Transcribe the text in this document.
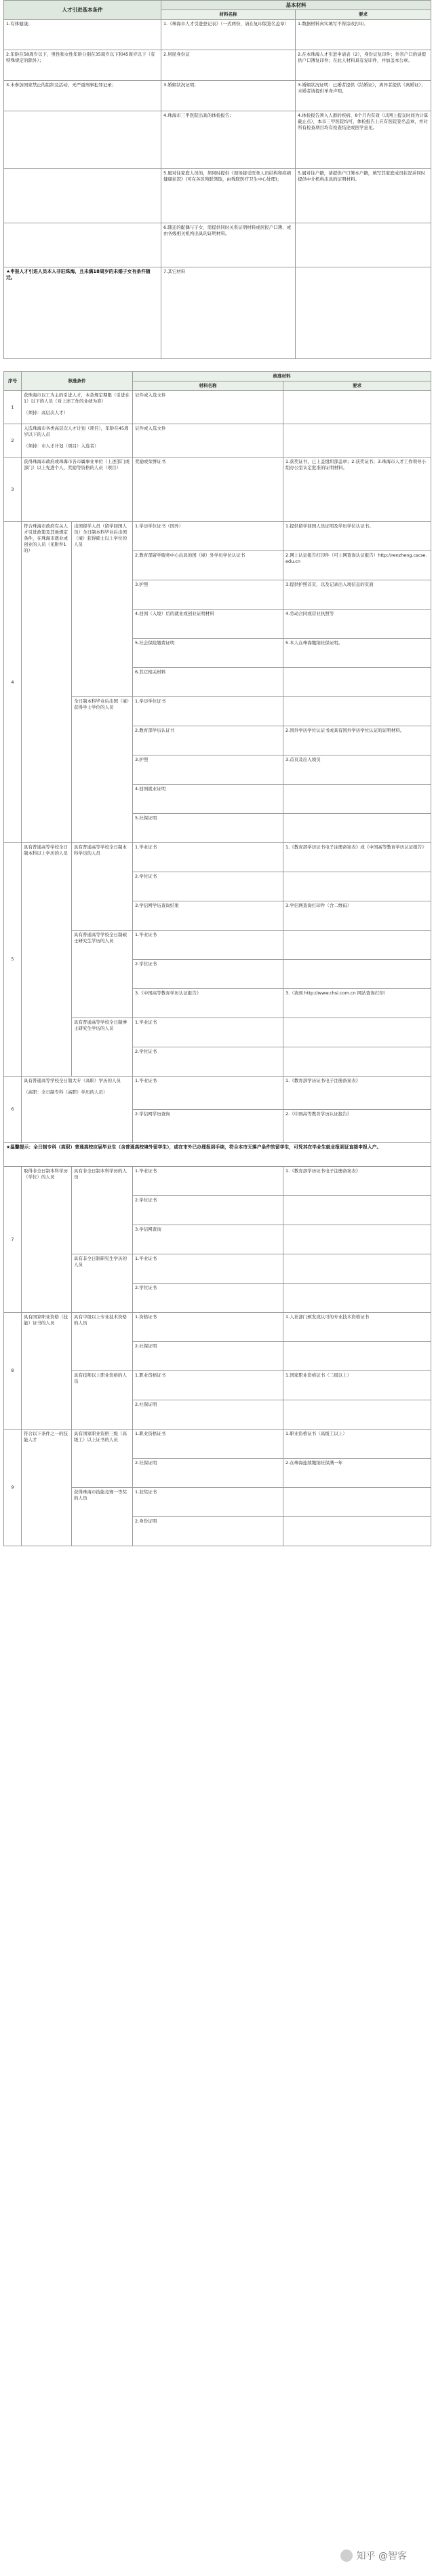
人才引进基本条件	基本材料	
	材料名称	要求
1.有体健康；	1.《珠海市人才引进登记表》（一式两份，请在复印版签名盖章）	1.数据材料真实填写不得涂改打印。
2.年龄在58周岁以下，男性和女性年龄分别在35周岁以下和45周岁以下（有特殊规定的除外）；	2.居民身份证	2.在本珠海人才引进申请表（2），身份证复印件；外省户口的请提供户口簿复印件；在此人材料具有复印件，并加盖本公章。
3.未参加国家禁止的组织及活动，无严重刑事犯罪记录；	3.婚姻状况证明；	3.婚姻状况证明：已婚者提供《结婚证》，离异者提供《离婚证》；未婚者请提供单身声明。
	4.珠海市三甲医院出具的体检报告；	4.体检报告须入人群的疾病、8个月内有效（以网上提交时间为计算截止点），本市三甲医院均可，体检报告上应有医院签名盖章，并对所有检查项目均有检查结论或医学意见。
	5.属对往家庭人员的，须同时提供《现场接受医务人员结构和疾病健康状况》(可在各区残联领取，由残联医疗卫生中心处理)；	5.属对往户籍，请提供户口簿本户籍，填写其家庭成员状况并同时提供中介机构出具的证明材料。
	6.随迁的配偶与子女，需提供同时关系证明材料或居民户口簿，或由各级相关机构出具的证明材料。	
★申报人才引进人员本人非驻珠海，且未满18周岁的未婚子女有条件随迁。	7.其它材料	
序号	核准条件		核准材料	
			材料名称	要求
1	获珠海市以工为主的引进人才，本款规定期限（引进在1）以下的人员（对上述工作的业绩为准）
（须持：高层次人才）		证件或入选文件	
2	入选珠海市各类高层次人才计划（项目），年龄在45周岁以下的人员
（须持：市人才计划（项目）入选者）		证件或入选文件	
3	获得珠海市政府或珠海市各市属事业单位（上述部门或部门）以上先进个人、奖励等资格的人员（项目）		奖励或荣誉证书	1.获奖证书，已上盖组织部盖章；2.获奖证书；3.珠海市人才工作领导小组办公室认定批准的证明材料。
4	符合珠海市政府有关人才引进政策及其他规定条件，在珠海市就业或创业的人员（见附件1的）	出国留学人员（留学回国人员）全日制本科毕业后出国（境）获得硕士以上学位的人员	1.学历学位证书（国外）	1.提供留学回国人员证明及学历学位认证书。
			2.教育部留学服务中心出具的国（境）外学历学位认证书	2.网上认证报告打印件（可上网查询认证报告）http://renzheng.cscse.edu.cn
			3.护照	3.提供护照首页，以及记录出入境信息的页面
			4.回国（入境）后的就业或创业证明材料	4.劳动合同或营业执照等
			5.社会保险缴费证明	5.本人在珠海缴纳社保证明。
			6.其它相关材料	
		全日制本科毕业后出国（境）获得学士学位的人员	1.学历学位证书	
			2.教育部学历认证书	2.国外学历学位认证书或具有国外学历学位认证的证明材料。
			3.护照	3.首页及出入境页
			4.回国就业证明	
			5.社保证明	
5	具有普通高等学校全日制本科以上学历的人员	具有普通高等学校全日制本科学历的人员	1.毕业证书	1.《教育部学历证书电子注册备案表》或《中国高等教育学历认证报告》
			2.学位证书	
			3.学信网学历查询结果	3.学信网查询打印件（含二维码）
		具有普通高等学校全日制硕士研究生学历的人员	1.毕业证书	
			2.学位证书	
			3.《中国高等教育学历认证报告》	3.（请到 http://www.chsi.com.cn 网站查询打印）
		具有普通高等学校全日制博士研究生学历的人员	1.毕业证书	
			2.学位证书	
6	具有普通高等学校全日制大专（高职）学历的人员
（高职：全日制专科（高职）学历的人员）		1.毕业证书	1.《教育部学历证书电子注册备案表》
			2.学信网学历查询	2.《中国高等教育学历认证报告》
★温馨提示：全日制专科（高职）普通高校应届毕业生（含普通高校境外留学生），或在市外已办理报到手续，符合本市无落户条件的留学生，可凭其在毕业生就业报到证直接申报入户。				
7	取得非全日制本科学历（学位）的人员	具有非全日制本科学历的人员	1.毕业证书	1.《教育部学历证书电子注册备案表》
			2.学位证书	
			3.学信网查询	
		具有非全日制研究生学历的人员	1.毕业证书	
			2.学位证书	
8	具有国家职业资格（技能）证书的人员	具有中级以上专业技术资格的人员	1.资格证书	1.人社部门颁发或认可的专业技术资格证书
			2.社保证明	
		具有技师以上职业资格的人员	1.职业资格证书	1.国家职业资格证书（二级以上）
			2.社保证明	
9	符合以下条件之一的技能人才	具有国家职业资格三级（高级工）以上证书的人员	1.职业资格证书	1.职业资格证书（高级工以上）
			2.社保证明	2.在珠海连续缴纳社保满一年
		获得珠海市技能竞赛一等奖的人员	1.获奖证书	
			2.身份证明	
知乎 @智客
